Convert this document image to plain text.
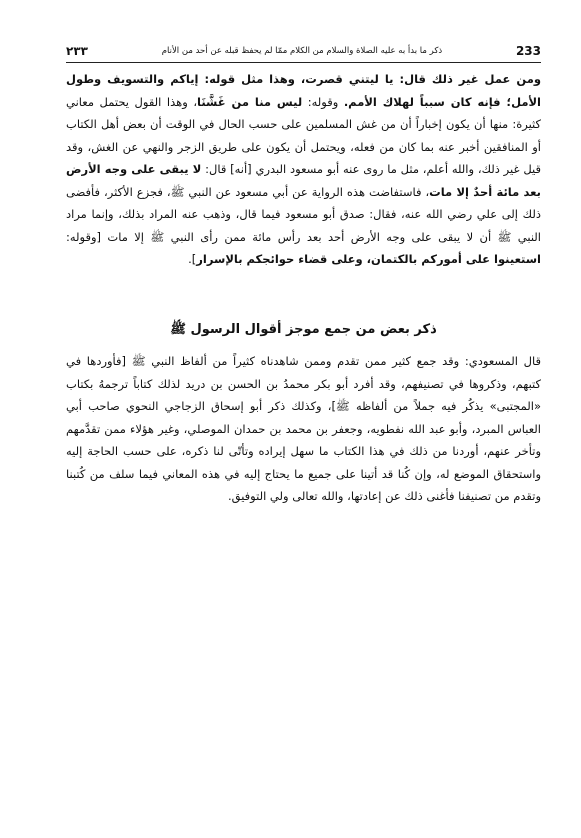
233
ذكر ما بدأ به عليه الصلاة والسلام من الكلام ممّا لم يحفظ قبله عن أحد من الأنام
٢٣٣

ومن عمل غير ذلك قال: يا ليتني قصرت، وهذا مثل قوله: إياكم والتسويف وطول الأمل؛ فإنه كان سبباً لهلاك الأمم. وقوله: ليس منا من غَشَّنَا، وهذا القول يحتمل معاني كثيرة: منها أن يكون إخباراً أن من غش المسلمين على حسب الحال في الوقت أن بعض أهل الكتاب أو المنافقين أخبر عنه بما كان من فعله، ويحتمل أن يكون على طريق الزجر والنهي عن الغش، وقد قيل غير ذلك، والله أعلم، مثل ما روى عنه أبو مسعود البدري [أنه] قال: لا يبقى على وجه الأرض بعد مائة أحدٌ إلا مات، فاستفاضت هذه الرواية عن أبي مسعود عن النبي ﷺ، فجزع الأكثر، فأفضى ذلك إلى علي رضي الله عنه، فقال: صدق أبو مسعود فيما قال، وذهب عنه المراد بذلك، وإنما مراد النبي ﷺ أن لا يبقى على وجه الأرض أحد بعد رأس مائة ممن رأى النبي ﷺ إلا مات [وقوله: استعينوا على أموركم بالكتمان، وعلى قضاء حوائجكم بالإسرار].

ذكر بعض من جمع موجز أقوال الرسول ﷺ

قال المسعودي: وقد جمع كثير ممن تقدم وممن شاهدناه كثيراً من ألفاظ النبي ﷺ [فأوردها في كتبهم، وذكروها في تصنيفهم، وقد أفرد أبو بكر محمدُ بن الحسن بن دريد لذلك كتاباً ترجمهُ بكتاب «المجتبى» يذكُر فيه جملاً من ألفاظه ﷺ]، وكذلك ذكر أبو إسحاق الزجاجي النحوي صاحب أبي العباس المبرد، وأبو عبد الله نفطويه، وجعفر بن محمد بن حمدان الموصلي، وغير هؤلاء ممن تقدَّمهم وتأخر عنهم، أوردنا من ذلك في هذا الكتاب ما سهل إيراده وتأتّى لنا ذكره، على حسب الحاجة إليه واستحقاق الموضع له، وإن كُنا قد أتينا على جميع ما يحتاج إليه في هذه المعاني فيما سلف من كُتبنا وتقدم من تصنيفنا فأغنى ذلك عن إعادتها، والله تعالى ولي التوفيق.
